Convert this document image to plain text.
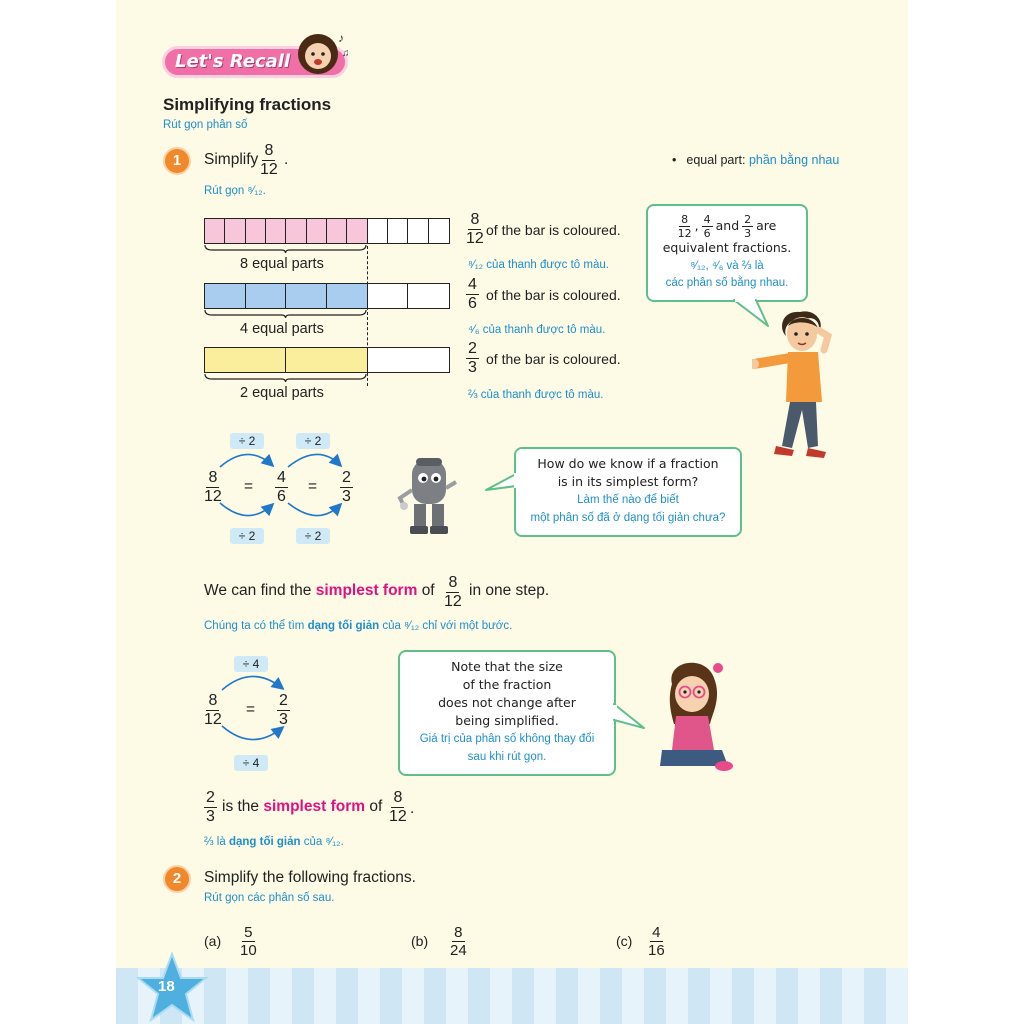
Let's Recall
♪
♫
Simplifying fractions
Rút gọn phân số
1	Simplify $\frac{8}{12}$ .
Rút gọn ⁸⁄₁₂.
• equal part: phần bằng nhau
8 equal parts
$\frac{8}{12}$ of the bar is coloured.
⁸⁄₁₂ của thanh được tô màu.
4 equal parts
$\frac{4}{6}$ of the bar is coloured.
⁴⁄₆ của thanh được tô màu.
2 equal parts
$\frac{2}{3}$ of the bar is coloured.
⅔ của thanh được tô màu.
$\frac{8}{12}$ , $\frac{4}{6}$ and $\frac{2}{3}$ are
equivalent fractions.
⁸⁄₁₂, ⁴⁄₆ và ⅔ là
các phân số bằng nhau.
÷ 2	÷ 2
$\frac{8}{12} = \frac{4}{6} = \frac{2}{3}$
÷ 2	÷ 2
How do we know if a fraction
is in its simplest form?
Làm thế nào để biết
một phân số đã ở dạng tối giản chưa?
We can find the simplest form of $\frac{8}{12}$ in one step.
Chúng ta có thể tìm dạng tối giản của ⁸⁄₁₂ chỉ với một bước.
÷ 4
$\frac{8}{12} = \frac{2}{3}$
÷ 4
Note that the size
of the fraction
does not change after
being simplified.
Giá trị của phân số không thay đổi
sau khi rút gọn.
$\frac{2}{3}$ is the simplest form of $\frac{8}{12}$ .
⅔ là dạng tối giản của ⁸⁄₁₂.
2	Simplify the following fractions.
Rút gọn các phân số sau.
$(a) \frac{5}{10}$	$(b) \frac{8}{24}$	$(c) \frac{4}{16}$
18
